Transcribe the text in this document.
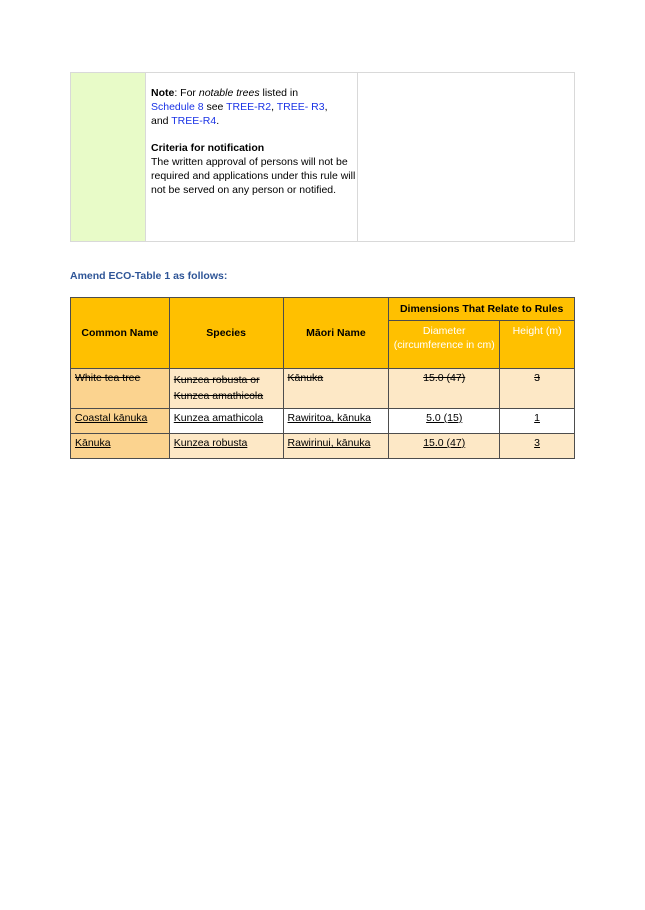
Note: For notable trees listed in
Schedule 8 see TREE-R2, TREE- R3,
and TREE-R4.
Criteria for notification
The written approval of persons will not be required and applications under this rule will not be served on any person or notified.
Amend ECO-Table 1 as follows:
Common Name	Species	Māori Name	Dimensions That Relate to Rules	
			Diameter (circumference in cm)	Height (m)
White tea tree	Kunzea robusta or Kunzea amathicola	Kānuka	15.0 (47)	3
Coastal kānuka	Kunzea amathicola	Rawiritoa, kānuka	5.0 (15)	1
Kānuka	Kunzea robusta	Rawirinui, kānuka	15.0 (47)	3
